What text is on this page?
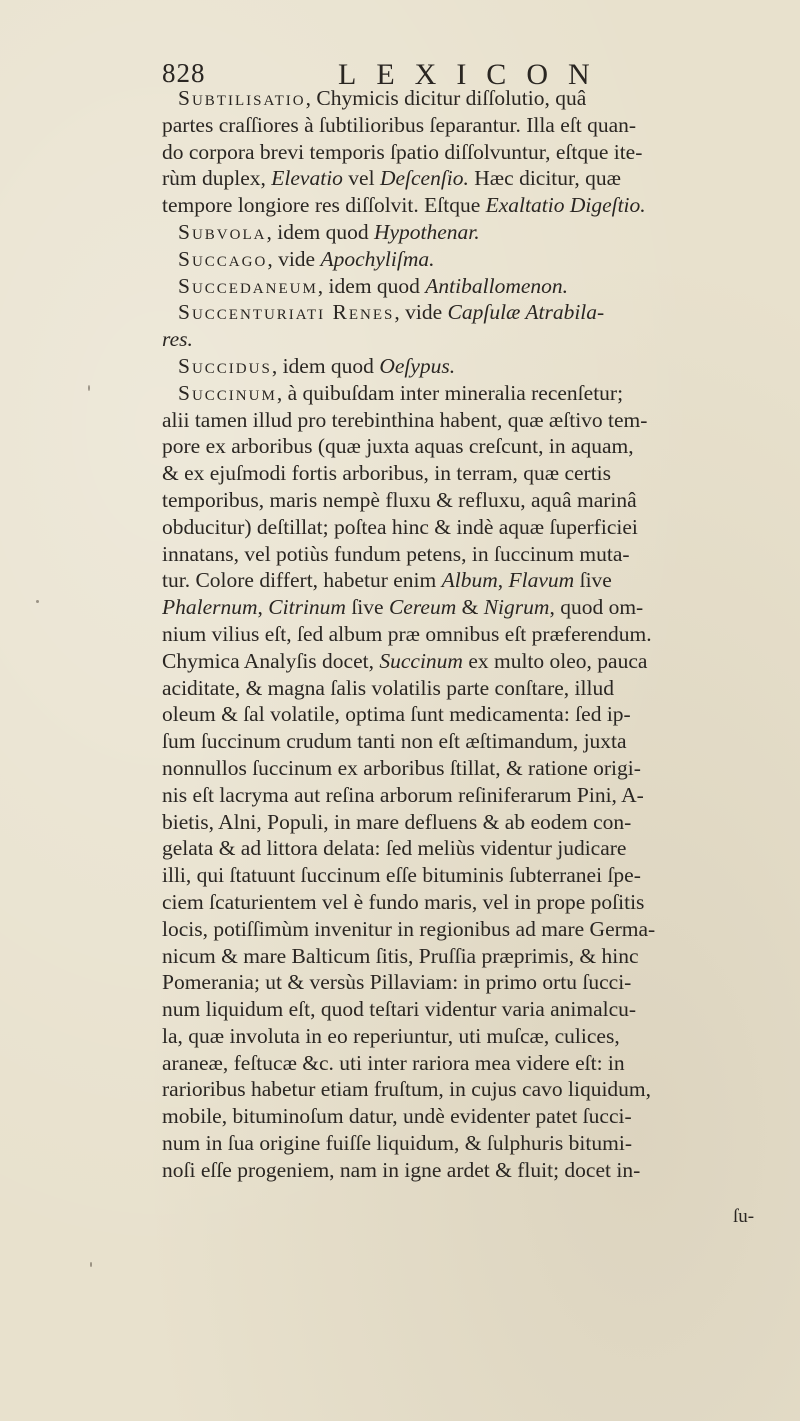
828	LEXICON
Subtilisatio, Chymicis dicitur diſſolutio, quâ
partes craſſiores à ſubtilioribus ſeparantur. Illa eſt quan-
do corpora brevi temporis ſpatio diſſolvuntur, eſtque ite-
rùm duplex, Elevatio vel Deſcenſio. Hæc dicitur, quæ
tempore longiore res diſſolvit. Eſtque Exaltatio Digeſtio.
Subvola, idem quod Hypothenar.
Succago, vide Apochyliſma.
Succedaneum, idem quod Antiballomenon.
Succenturiati Renes, vide Capſulæ Atrabila-
res.
Succidus, idem quod Oeſypus.
Succinum, à quibuſdam inter mineralia recenſetur;
alii tamen illud pro terebinthina habent, quæ æſtivo tem-
pore ex arboribus (quæ juxta aquas creſcunt, in aquam,
& ex ejuſmodi fortis arboribus, in terram, quæ certis
temporibus, maris nempè fluxu & refluxu, aquâ marinâ
obducitur) deſtillat; poſtea hinc & indè aquæ ſuperficiei
innatans, vel potiùs fundum petens, in ſuccinum muta-
tur. Colore differt, habetur enim Album, Flavum ſive
Phalernum, Citrinum ſive Cereum & Nigrum, quod om-
nium vilius eſt, ſed album præ omnibus eſt præferendum.
Chymica Analyſis docet, Succinum ex multo oleo, pauca
aciditate, & magna ſalis volatilis parte conſtare, illud
oleum & ſal volatile, optima ſunt medicamenta: ſed ip-
ſum ſuccinum crudum tanti non eſt æſtimandum, juxta
nonnullos ſuccinum ex arboribus ſtillat, & ratione origi-
nis eſt lacryma aut reſina arborum reſiniferarum Pini, A-
bietis, Alni, Populi, in mare defluens & ab eodem con-
gelata & ad littora delata: ſed meliùs videntur judicare
illi, qui ſtatuunt ſuccinum eſſe bituminis ſubterranei ſpe-
ciem ſcaturientem vel è fundo maris, vel in prope poſitis
locis, potiſſimùm invenitur in regionibus ad mare Germa-
nicum & mare Balticum ſitis, Pruſſia præprimis, & hinc
Pomerania; ut & versùs Pillaviam: in primo ortu ſucci-
num liquidum eſt, quod teſtari videntur varia animalcu-
la, quæ involuta in eo reperiuntur, uti muſcæ, culices,
araneæ, feſtucæ &c. uti inter rariora mea videre eſt: in
rarioribus habetur etiam fruſtum, in cujus cavo liquidum,
mobile, bituminoſum datur, undè evidenter patet ſucci-
num in ſua origine fuiſſe liquidum, & ſulphuris bitumi-
noſi eſſe progeniem, nam in igne ardet & fluit; docet in-
ſu-
